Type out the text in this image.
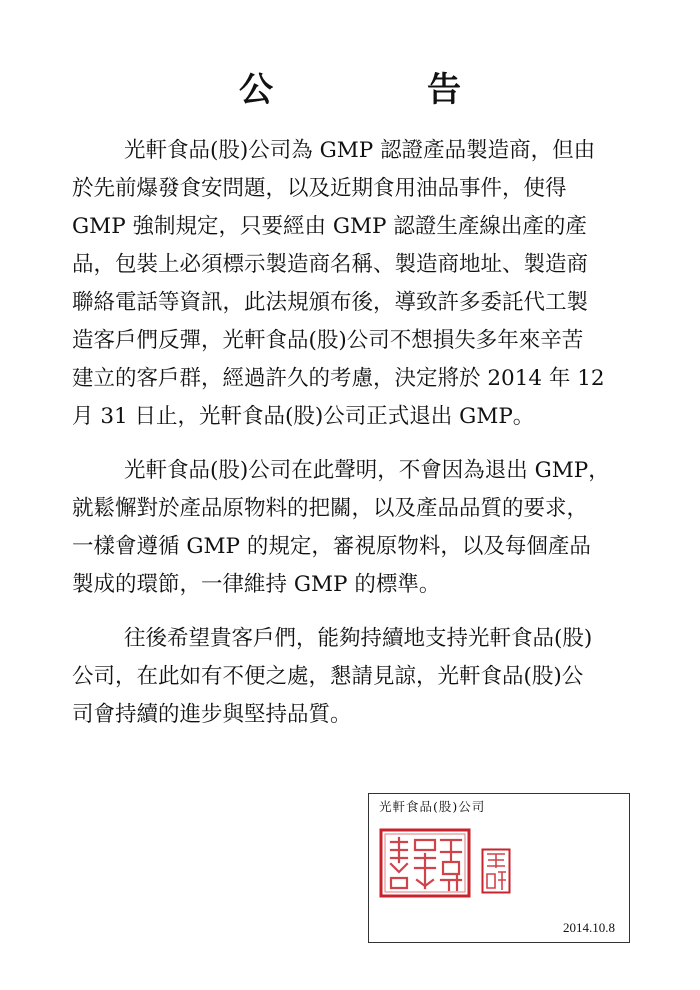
公　告

光軒食品(股)公司為 GMP 認證產品製造商，但由
於先前爆發食安問題，以及近期食用油品事件，使得
GMP 強制規定，只要經由 GMP 認證生產線出產的產
品，包裝上必須標示製造商名稱、製造商地址、製造商
聯絡電話等資訊，此法規頒布後，導致許多委託代工製
造客戶們反彈，光軒食品(股)公司不想損失多年來辛苦
建立的客戶群，經過許久的考慮，決定將於 2014 年 12
月 31 日止，光軒食品(股)公司正式退出 GMP。

光軒食品(股)公司在此聲明，不會因為退出 GMP，
就鬆懈對於產品原物料的把關，以及產品品質的要求，
一樣會遵循 GMP 的規定，審視原物料，以及每個產品
製成的環節，一律維持 GMP 的標準。

往後希望貴客戶們，能夠持續地支持光軒食品(股)
公司，在此如有不便之處，懇請見諒，光軒食品(股)公
司會持續的進步與堅持品質。

光軒食品(股)公司
2014.10.8
